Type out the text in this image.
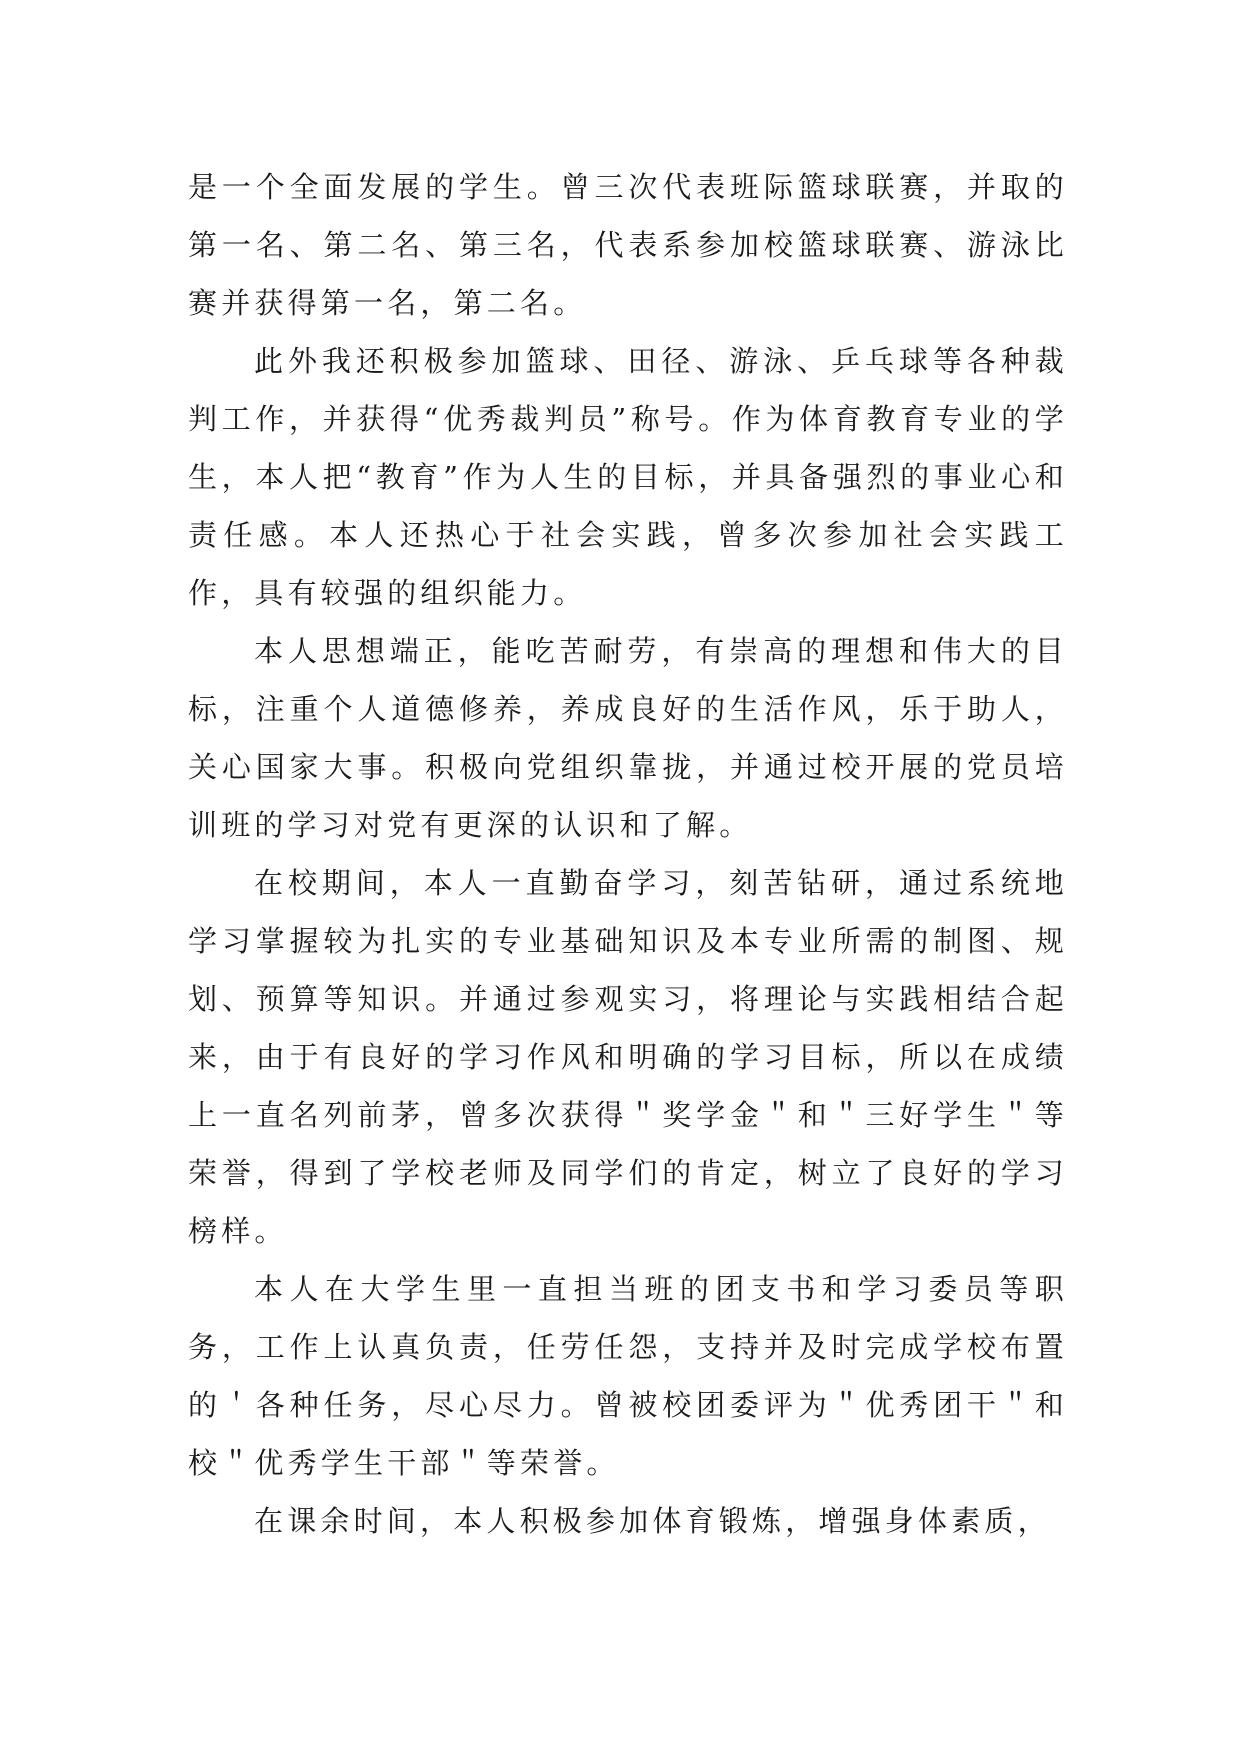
是一个全面发展的学生。曾三次代表班际篮球联赛，并取的第一名、第二名、第三名，代表系参加校篮球联赛、游泳比赛并获得第一名，第二名。

此外我还积极参加篮球、田径、游泳、乒乓球等各种裁判工作，并获得“优秀裁判员”称号。作为体育教育专业的学生，本人把“教育”作为人生的目标，并具备强烈的事业心和责任感。本人还热心于社会实践，曾多次参加社会实践工作，具有较强的组织能力。

本人思想端正，能吃苦耐劳，有崇高的理想和伟大的目标，注重个人道德修养，养成良好的生活作风，乐于助人，关心国家大事。积极向党组织靠拢，并通过校开展的党员培训班的学习对党有更深的认识和了解。

在校期间，本人一直勤奋学习，刻苦钻研，通过系统地学习掌握较为扎实的专业基础知识及本专业所需的制图、规划、预算等知识。并通过参观实习，将理论与实践相结合起来，由于有良好的学习作风和明确的学习目标，所以在成绩上一直名列前茅，曾多次获得＂奖学金＂和＂三好学生＂等荣誉，得到了学校老师及同学们的肯定，树立了良好的学习榜样。

本人在大学生里一直担当班的团支书和学习委员等职务，工作上认真负责，任劳任怨，支持并及时完成学校布置的＇各种任务，尽心尽力。曾被校团委评为＂优秀团干＂和校＂优秀学生干部＂等荣誉。

在课余时间，本人积极参加体育锻炼，增强身体素质，
